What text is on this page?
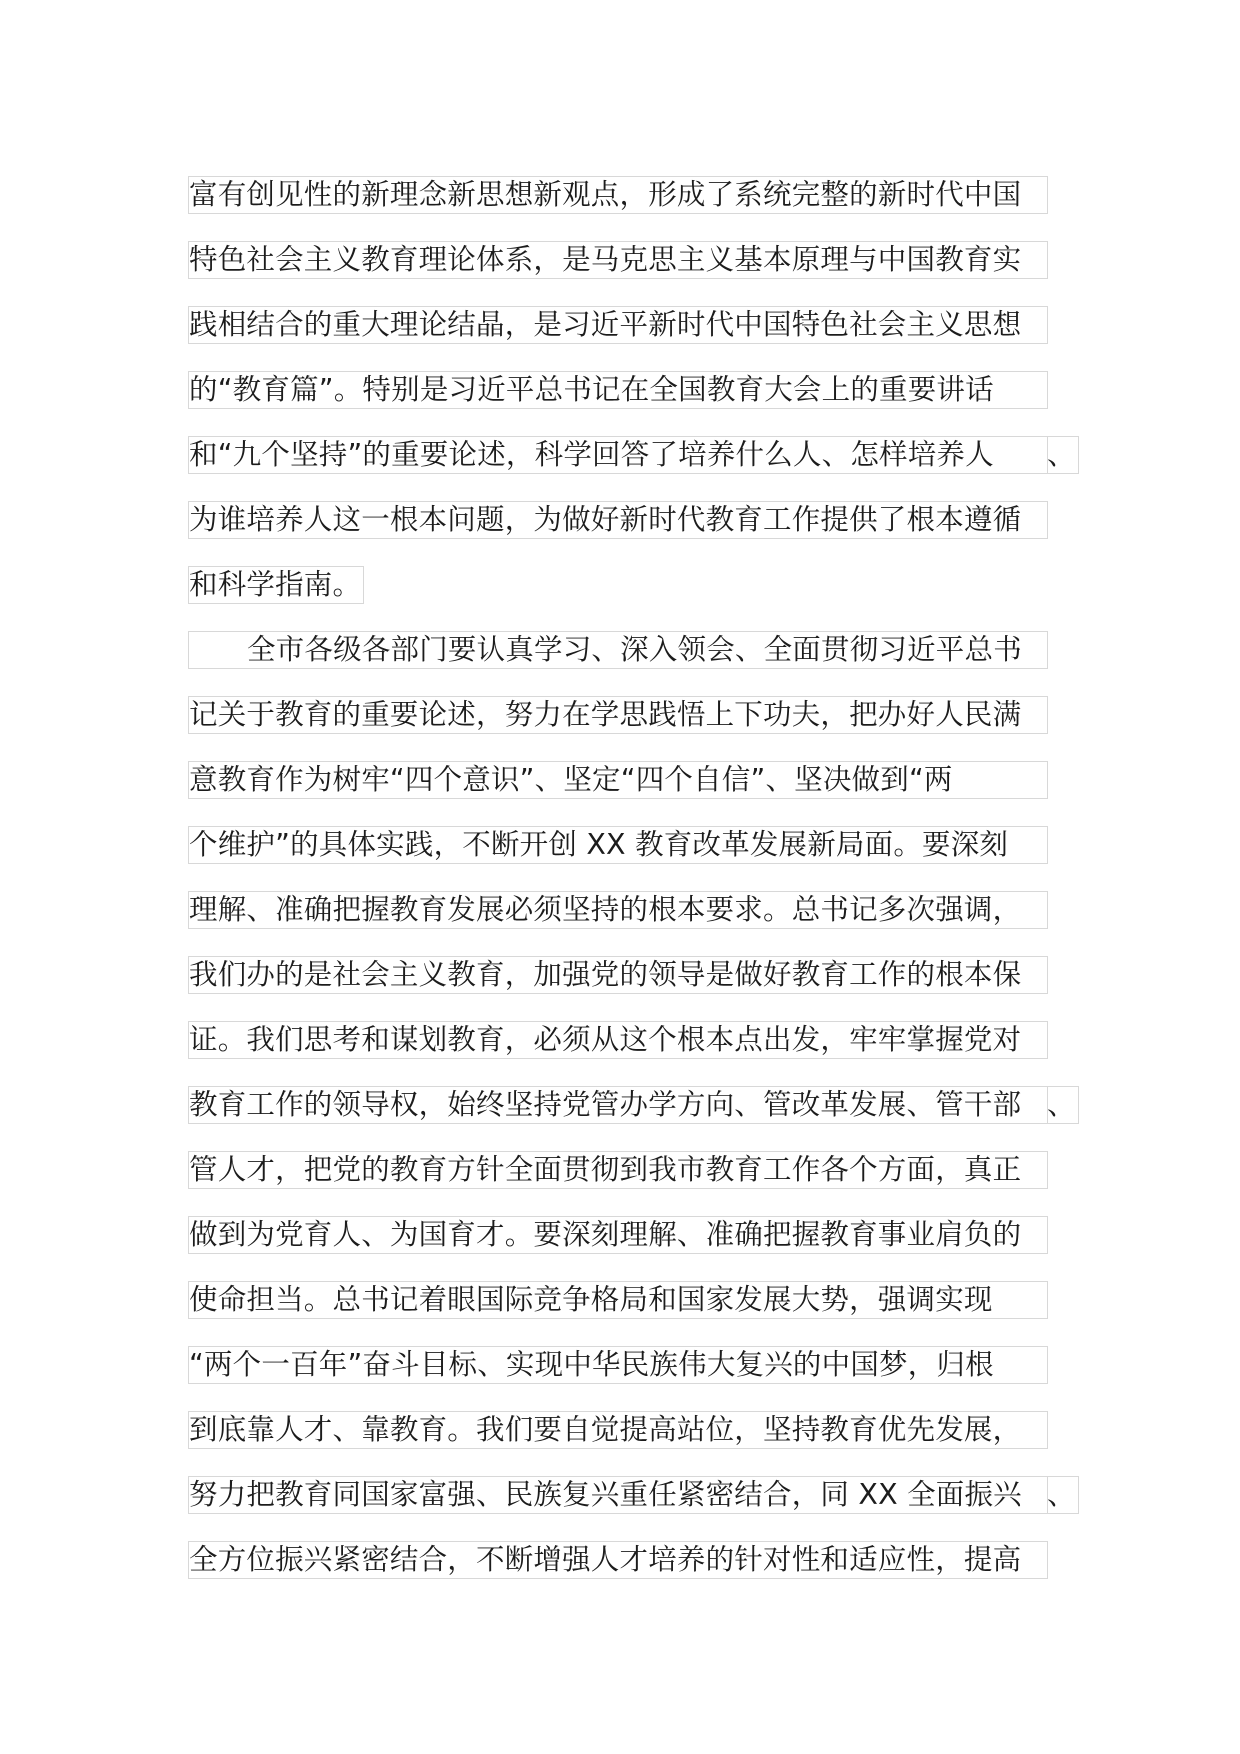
富有创见性的新理念新思想新观点，形成了系统完整的新时代中国
特色社会主义教育理论体系，是马克思主义基本原理与中国教育实
践相结合的重大理论结晶，是习近平新时代中国特色社会主义思想
的“教育篇”。特别是习近平总书记在全国教育大会上的重要讲话
和“九个坚持”的重要论述，科学回答了培养什么人、怎样培养人 、
为谁培养人这一根本问题，为做好新时代教育工作提供了根本遵循
和科学指南。
全市各级各部门要认真学习、深入领会、全面贯彻习近平总书
记关于教育的重要论述，努力在学思践悟上下功夫，把办好人民满
意教育作为树牢“四个意识”、坚定“四个自信”、坚决做到“两
个维护”的具体实践，不断开创 XX 教育改革发展新局面。要深刻
理解、准确把握教育发展必须坚持的根本要求。总书记多次强调，
我们办的是社会主义教育，加强党的领导是做好教育工作的根本保
证。我们思考和谋划教育，必须从这个根本点出发，牢牢掌握党对
教育工作的领导权，始终坚持党管办学方向、管改革发展、管干部 、
管人才，把党的教育方针全面贯彻到我市教育工作各个方面，真正
做到为党育人、为国育才。要深刻理解、准确把握教育事业肩负的
使命担当。总书记着眼国际竞争格局和国家发展大势，强调实现
“两个一百年”奋斗目标、实现中华民族伟大复兴的中国梦，归根
到底靠人才、靠教育。我们要自觉提高站位，坚持教育优先发展，
努力把教育同国家富强、民族复兴重任紧密结合，同 XX 全面振兴 、
全方位振兴紧密结合，不断增强人才培养的针对性和适应性，提高
